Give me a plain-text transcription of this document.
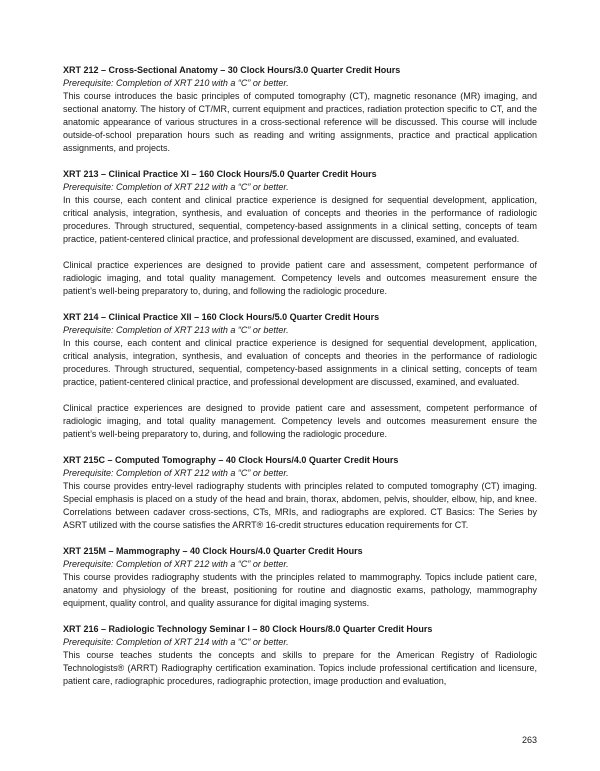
XRT 212 – Cross-Sectional Anatomy – 30 Clock Hours/3.0 Quarter Credit Hours
Prerequisite: Completion of XRT 210 with a “C” or better.

This course introduces the basic principles of computed tomography (CT), magnetic resonance (MR) imaging, and sectional anatomy. The history of CT/MR, current equipment and practices, radiation protection specific to CT, and the anatomic appearance of various structures in a cross-sectional reference will be discussed. This course will include outside-of-school preparation hours such as reading and writing assignments, practice and practical application assignments, and projects.

XRT 213 – Clinical Practice XI – 160 Clock Hours/5.0 Quarter Credit Hours
Prerequisite: Completion of XRT 212 with a “C” or better.

In this course, each content and clinical practice experience is designed for sequential development, application, critical analysis, integration, synthesis, and evaluation of concepts and theories in the performance of radiologic procedures. Through structured, sequential, competency-based assignments in a clinical setting, concepts of team practice, patient-centered clinical practice, and professional development are discussed, examined, and evaluated.

Clinical practice experiences are designed to provide patient care and assessment, competent performance of radiologic imaging, and total quality management. Competency levels and outcomes measurement ensure the patient’s well-being preparatory to, during, and following the radiologic procedure.

XRT 214 – Clinical Practice XII – 160 Clock Hours/5.0 Quarter Credit Hours
Prerequisite: Completion of XRT 213 with a “C” or better.

In this course, each content and clinical practice experience is designed for sequential development, application, critical analysis, integration, synthesis, and evaluation of concepts and theories in the performance of radiologic procedures. Through structured, sequential, competency-based assignments in a clinical setting, concepts of team practice, patient-centered clinical practice, and professional development are discussed, examined, and evaluated.

Clinical practice experiences are designed to provide patient care and assessment, competent performance of radiologic imaging, and total quality management. Competency levels and outcomes measurement ensure the patient’s well-being preparatory to, during, and following the radiologic procedure.

XRT 215C – Computed Tomography – 40 Clock Hours/4.0 Quarter Credit Hours
Prerequisite: Completion of XRT 212 with a “C” or better.

This course provides entry-level radiography students with principles related to computed tomography (CT) imaging. Special emphasis is placed on a study of the head and brain, thorax, abdomen, pelvis, shoulder, elbow, hip, and knee. Correlations between cadaver cross-sections, CTs, MRIs, and radiographs are explored. CT Basics: The Series by ASRT utilized with the course satisfies the ARRT® 16-credit structures education requirements for CT.

XRT 215M – Mammography – 40 Clock Hours/4.0 Quarter Credit Hours
Prerequisite: Completion of XRT 212 with a “C” or better.

This course provides radiography students with the principles related to mammography. Topics include patient care, anatomy and physiology of the breast, positioning for routine and diagnostic exams, pathology, mammography equipment, quality control, and quality assurance for digital imaging systems.

XRT 216 – Radiologic Technology Seminar I – 80 Clock Hours/8.0 Quarter Credit Hours
Prerequisite: Completion of XRT 214 with a “C” or better.

This course teaches students the concepts and skills to prepare for the American Registry of Radiologic Technologists® (ARRT) Radiography certification examination. Topics include professional certification and licensure, patient care, radiographic procedures, radiographic protection, image production and evaluation,

263
